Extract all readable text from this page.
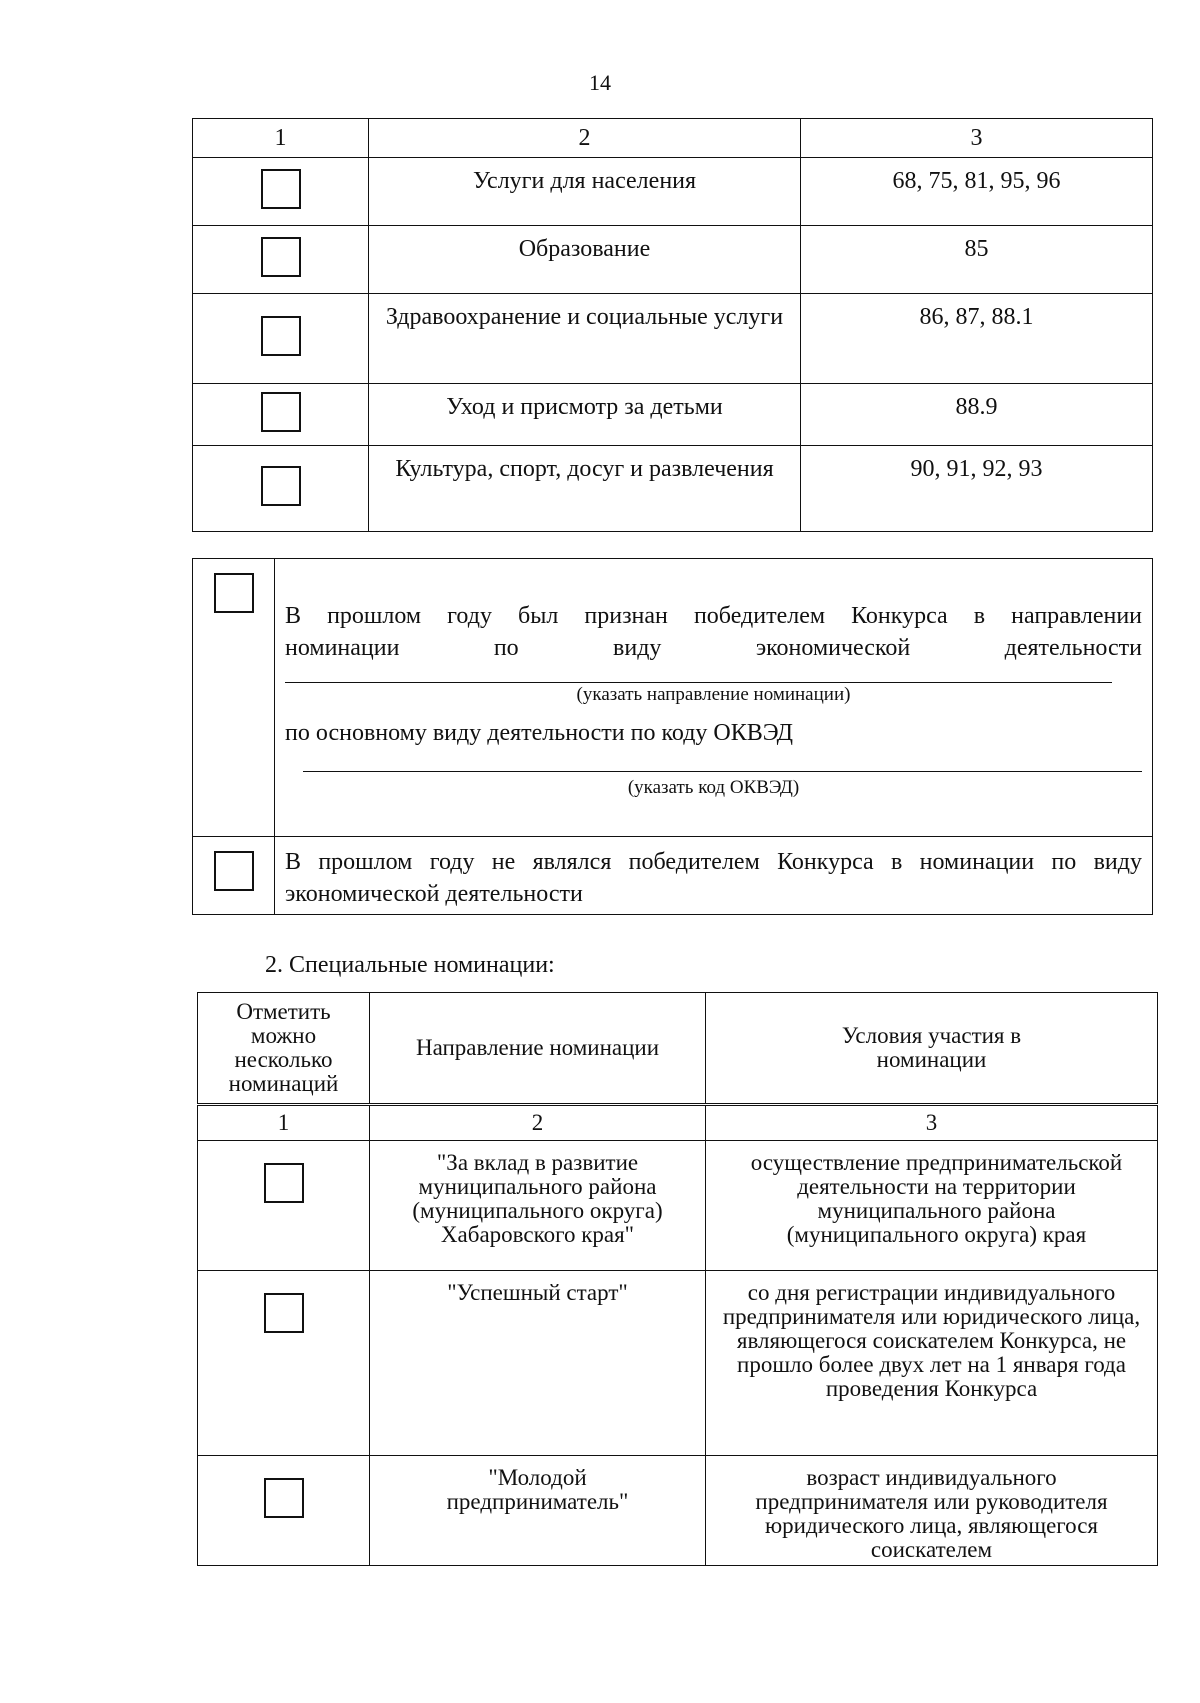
14
1	2	3
	Услуги для населения	68, 75, 81, 95, 96
	Образование	85
	Здравоохранение и социальные услуги	86, 87, 88.1
	Уход и присмотр за детьми	88.9
	Культура, спорт, досуг и развлечения	90, 91, 92, 93

	В прошлом году был признан победителем Конкурса в направлении
номинации по виду экономической деятельности
(указать направление номинации)
по основному виду деятельности по коду ОКВЭД
(указать код ОКВЭД)

	В прошлом году не являлся победителем Конкурса в номинации по виду экономической деятельности
2. Специальные номинации:
Отметить можно несколько номинаций	Направление номинации	Условия участия в номинации
1	2	3
	"За вклад в развитие муниципального района (муниципального округа) Хабаровского края"	осуществление предпринимательской деятельности на территории муниципального района (муниципального округа) края
	"Успешный старт"	со дня регистрации индивидуального предпринимателя или юридического лица, являющегося соискателем Конкурса, не прошло более двух лет на 1 января года проведения Конкурса
	"Молодой предприниматель"	возраст индивидуального предпринимателя или руководителя юридического лица, являющегося соискателем
